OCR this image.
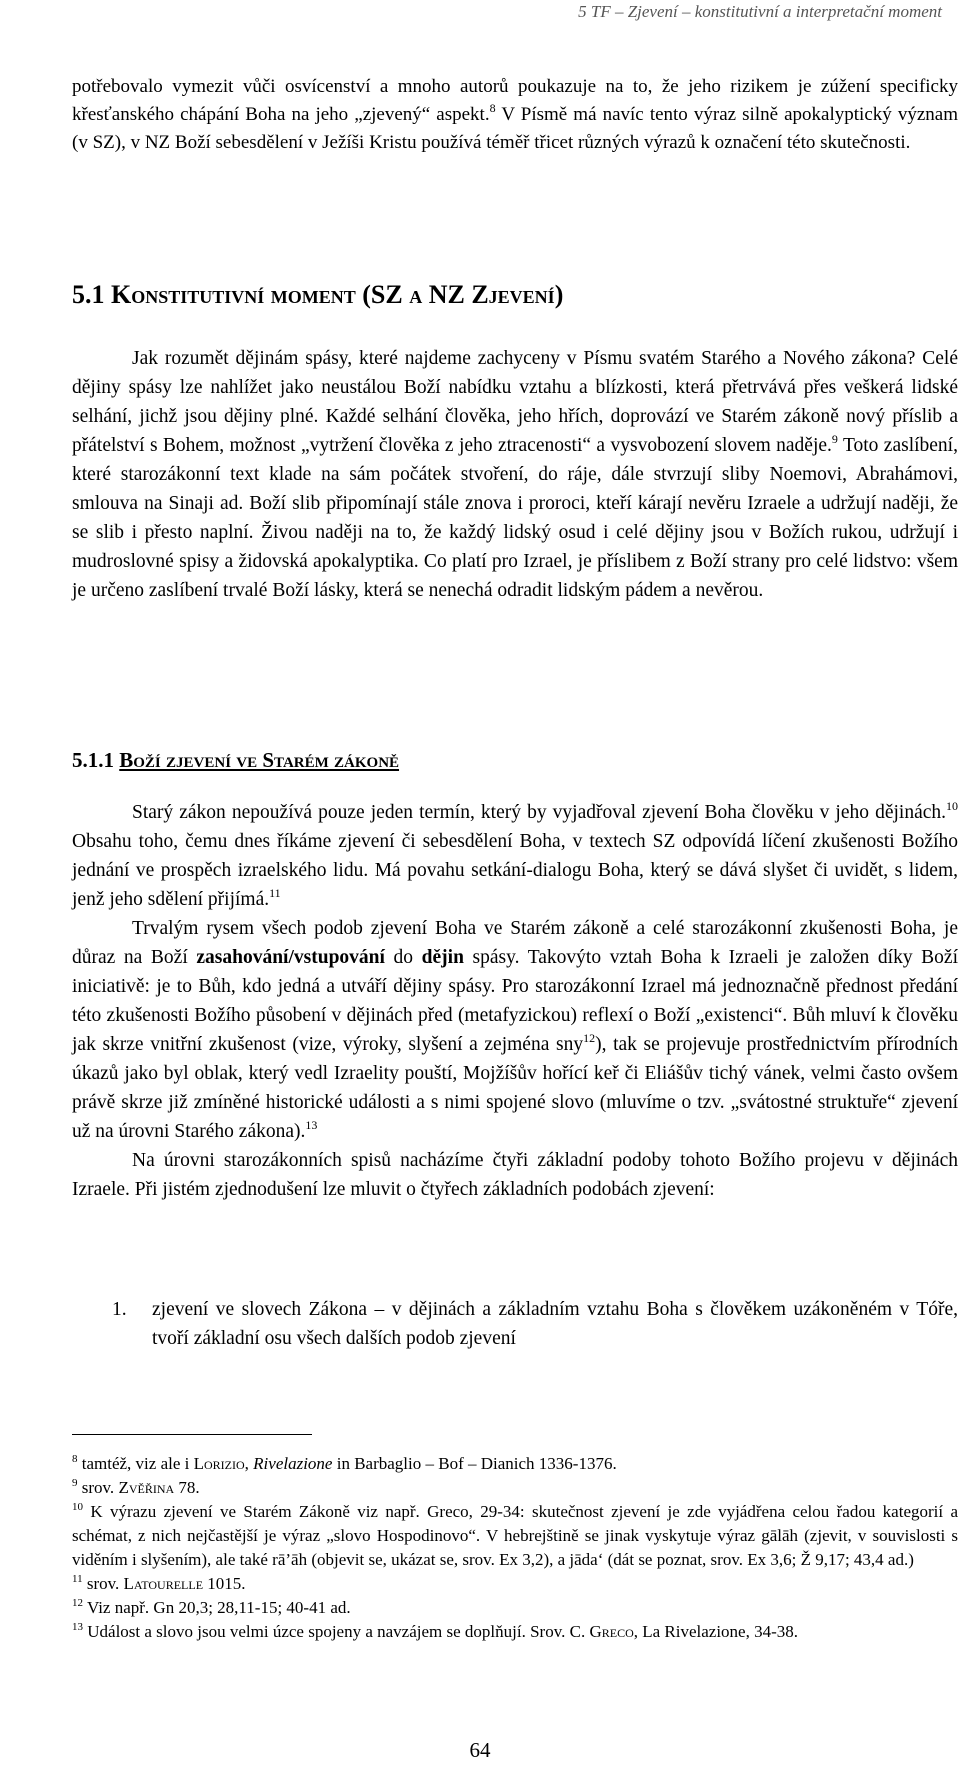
5 TF – Zjevení – konstitutivní a interpretační moment

potřebovalo vymezit vůči osvícenství a mnoho autorů poukazuje na to, že jeho rizikem je zúžení specificky křesťanského chápání Boha na jeho „zjevený“ aspekt.$^8$ V Písmě má navíc tento výraz silně apokalyptický význam (v SZ), v NZ Boží sebesdělení v Ježíši Kristu používá téměř třicet různých výrazů k označení této skutečnosti.

5.1 Konstitutivní moment (SZ a NZ Zjevení)

Jak rozumět dějinám spásy, které najdeme zachyceny v Písmu svatém Starého a Nového zákona? Celé dějiny spásy lze nahlížet jako neustálou Boží nabídku vztahu a blízkosti, která přetrvává přes veškerá lidské selhání, jichž jsou dějiny plné. Každé selhání člověka, jeho hřích, doprovází ve Starém zákoně nový příslib a přátelství s Bohem, možnost „vytržení člověka z jeho ztracenosti“ a vysvobození slovem naděje.$^9$ Toto zaslíbení, které starozákonní text klade na sám počátek stvoření, do ráje, dále stvrzují sliby Noemovi, Abrahámovi, smlouva na Sinaji ad. Boží slib připomínají stále znova i proroci, kteří kárají nevěru Izraele a udržují naději, že se slib i přesto naplní. Živou naději na to, že každý lidský osud i celé dějiny jsou v Božích rukou, udržují i mudroslovné spisy a židovská apokalyptika. Co platí pro Izrael, je příslibem z Boží strany pro celé lidstvo: všem je určeno zaslíbení trvalé Boží lásky, která se nenechá odradit lidským pádem a nevěrou.

5.1.1 Boží zjevení ve Starém zákoně

Starý zákon nepoužívá pouze jeden termín, který by vyjadřoval zjevení Boha člověku v jeho dějinách.$^{10}$ Obsahu toho, čemu dnes říkáme zjevení či sebesdělení Boha, v textech SZ odpovídá líčení zkušenosti Božího jednání ve prospěch izraelského lidu. Má povahu setkání-dialogu Boha, který se dává slyšet či uvidět, s lidem, jenž jeho sdělení přijímá.$^{11}$

Trvalým rysem všech podob zjevení Boha ve Starém zákoně a celé starozákonní zkušenosti Boha, je důraz na Boží zasahování/vstupování do dějin spásy. Takovýto vztah Boha k Izraeli je založen díky Boží iniciativě: je to Bůh, kdo jedná a utváří dějiny spásy. Pro starozákonní Izrael má jednoznačně přednost předání této zkušenosti Božího působení v dějinách před (metafyzickou) reflexí o Boží „existenci“. Bůh mluví k člověku jak skrze vnitřní zkušenost (vize, výroky, slyšení a zejména sny$^{12}$), tak se projevuje prostřednictvím přírodních úkazů jako byl oblak, který vedl Izraelity pouští, Mojžíšův hořící keř či Eliášův tichý vánek, velmi často ovšem právě skrze již zmíněné historické události a s nimi spojené slovo (mluvíme o tzv. „svátostné struktuře“ zjevení už na úrovni Starého zákona).$^{13}$

Na úrovni starozákonních spisů nacházíme čtyři základní podoby tohoto Božího projevu v dějinách Izraele. Při jistém zjednodušení lze mluvit o čtyřech základních podobách zjevení:

1. zjevení ve slovech Zákona – v dějinách a základním vztahu Boha s člověkem uzákoněném v Tóře, tvoří základní osu všech dalších podob zjevení

$^8$ tamtéž, viz ale i Lorizio, Rivelazione in Barbaglio – Bof – Dianich 1336-1376.

$^9$ srov. Zvěřina 78.

$^{10}$ K výrazu zjevení ve Starém Zákoně viz např. Greco, 29-34: skutečnost zjevení je zde vyjádřena celou řadou kategorií a schémat, z nich nejčastější je výraz „slovo Hospodinovo“. V hebrejštině se jinak vyskytuje výraz gālāh (zjevit, v souvislosti s viděním i slyšením), ale také rā’āh (objevit se, ukázat se, srov. Ex 3,2), a jāda‘ (dát se poznat, srov. Ex 3,6; Ž 9,17; 43,4 ad.)

$^{11}$ srov. Latourelle 1015.

$^{12}$ Viz např. Gn 20,3; 28,11-15; 40-41 ad.

$^{13}$ Událost a slovo jsou velmi úzce spojeny a navzájem se doplňují. Srov. C. Greco, La Rivelazione, 34-38.

64
